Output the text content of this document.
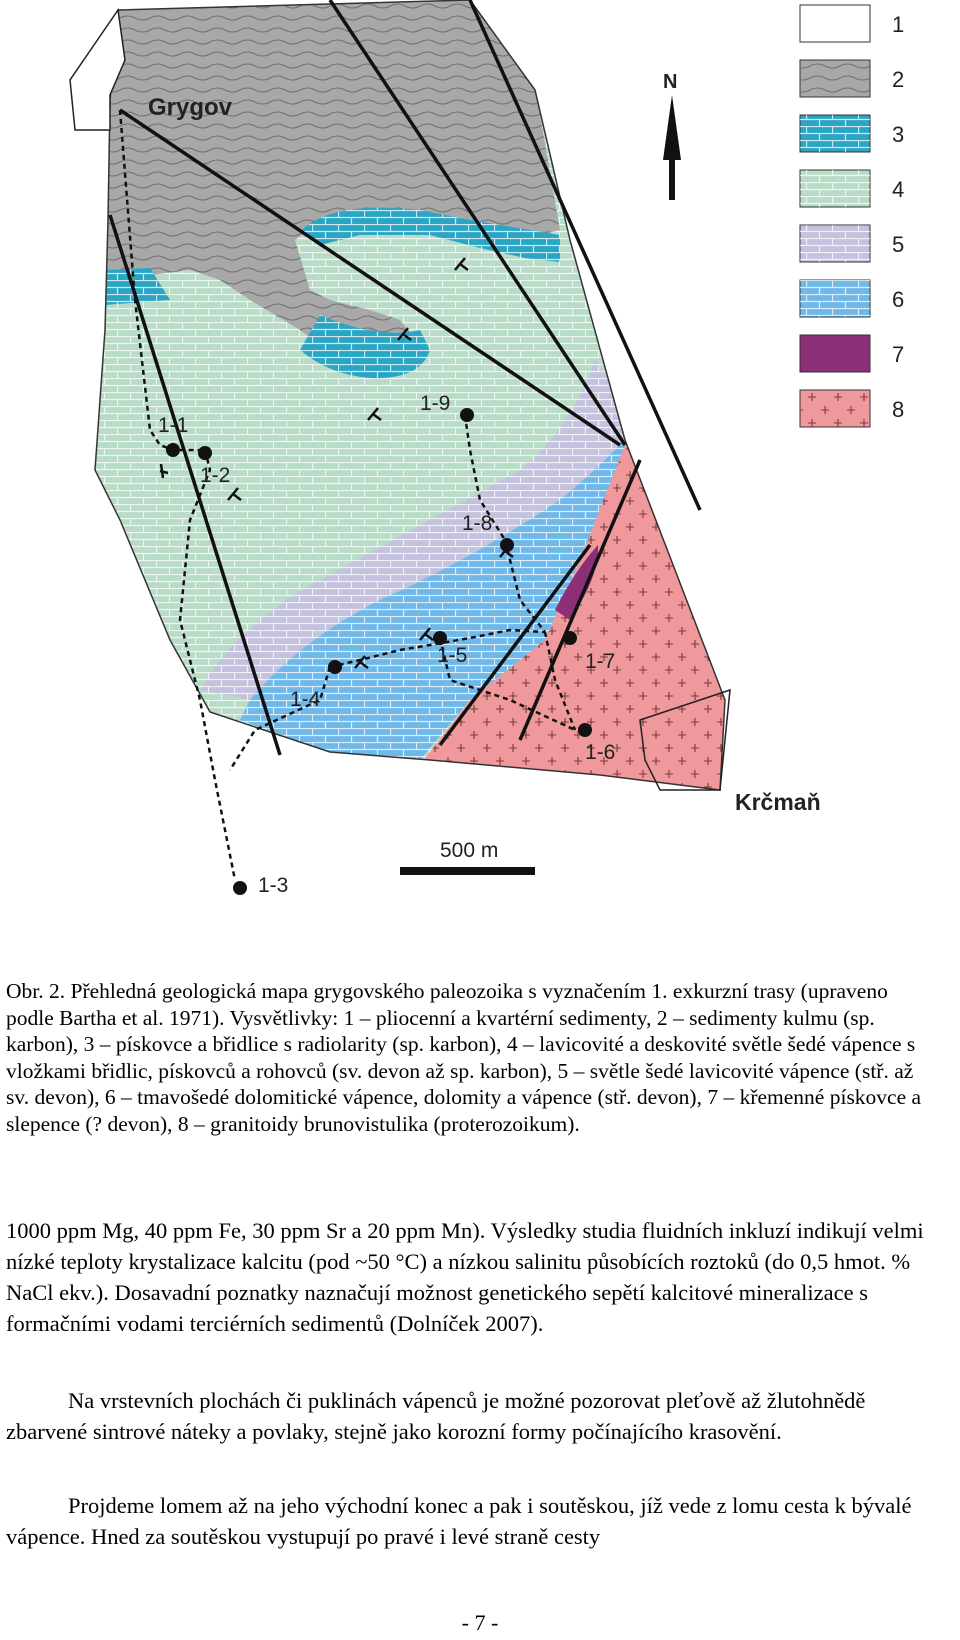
Grygov
Krčmaň
1-1
1-2
1-3
1-4
1-5
1-6
1-7
1-8
1-9
N
500 m
1
2
3
4
5
6
7
8

Obr. 2. Přehledná geologická mapa grygovského paleozoika s vyznačením 1. exkurzní trasy (upraveno podle Bartha et al. 1971). Vysvětlivky: 1 – pliocenní a kvartérní sedimenty, 2 – sedimenty kulmu (sp. karbon), 3 – pískovce a břidlice s radiolarity (sp. karbon), 4 – lavicovité a deskovité světle šedé vápence s vložkami břidlic, pískovců a rohovců (sv. devon až sp. karbon), 5 – světle šedé lavicovité vápence (stř. až sv. devon), 6 – tmavošedé dolomitické vápence, dolomity a vápence (stř. devon), 7 – křemenné pískovce a slepence (? devon), 8 – granitoidy brunovistulika (proterozoikum).

1000 ppm Mg, 40 ppm Fe, 30 ppm Sr a 20 ppm Mn). Výsledky studia fluidních inkluzí indikují velmi nízké teploty krystalizace kalcitu (pod ~50 °C) a nízkou salinitu působících roztoků (do 0,5 hmot. % NaCl ekv.). Dosavadní poznatky naznačují možnost genetického sepětí kalcitové mineralizace s formačními vodami terciérních sedimentů (Dolníček 2007).

Na vrstevních plochách či puklinách vápenců je možné pozorovat pleťově až žlutohnědě zbarvené sintrové náteky a povlaky, stejně jako korozní formy počínajícího krasovění.

Projdeme lomem až na jeho východní konec a pak i soutěskou, jíž vede z lomu cesta k bývalé vápence. Hned za soutěskou vystupují po pravé i levé straně cesty

- 7 -
